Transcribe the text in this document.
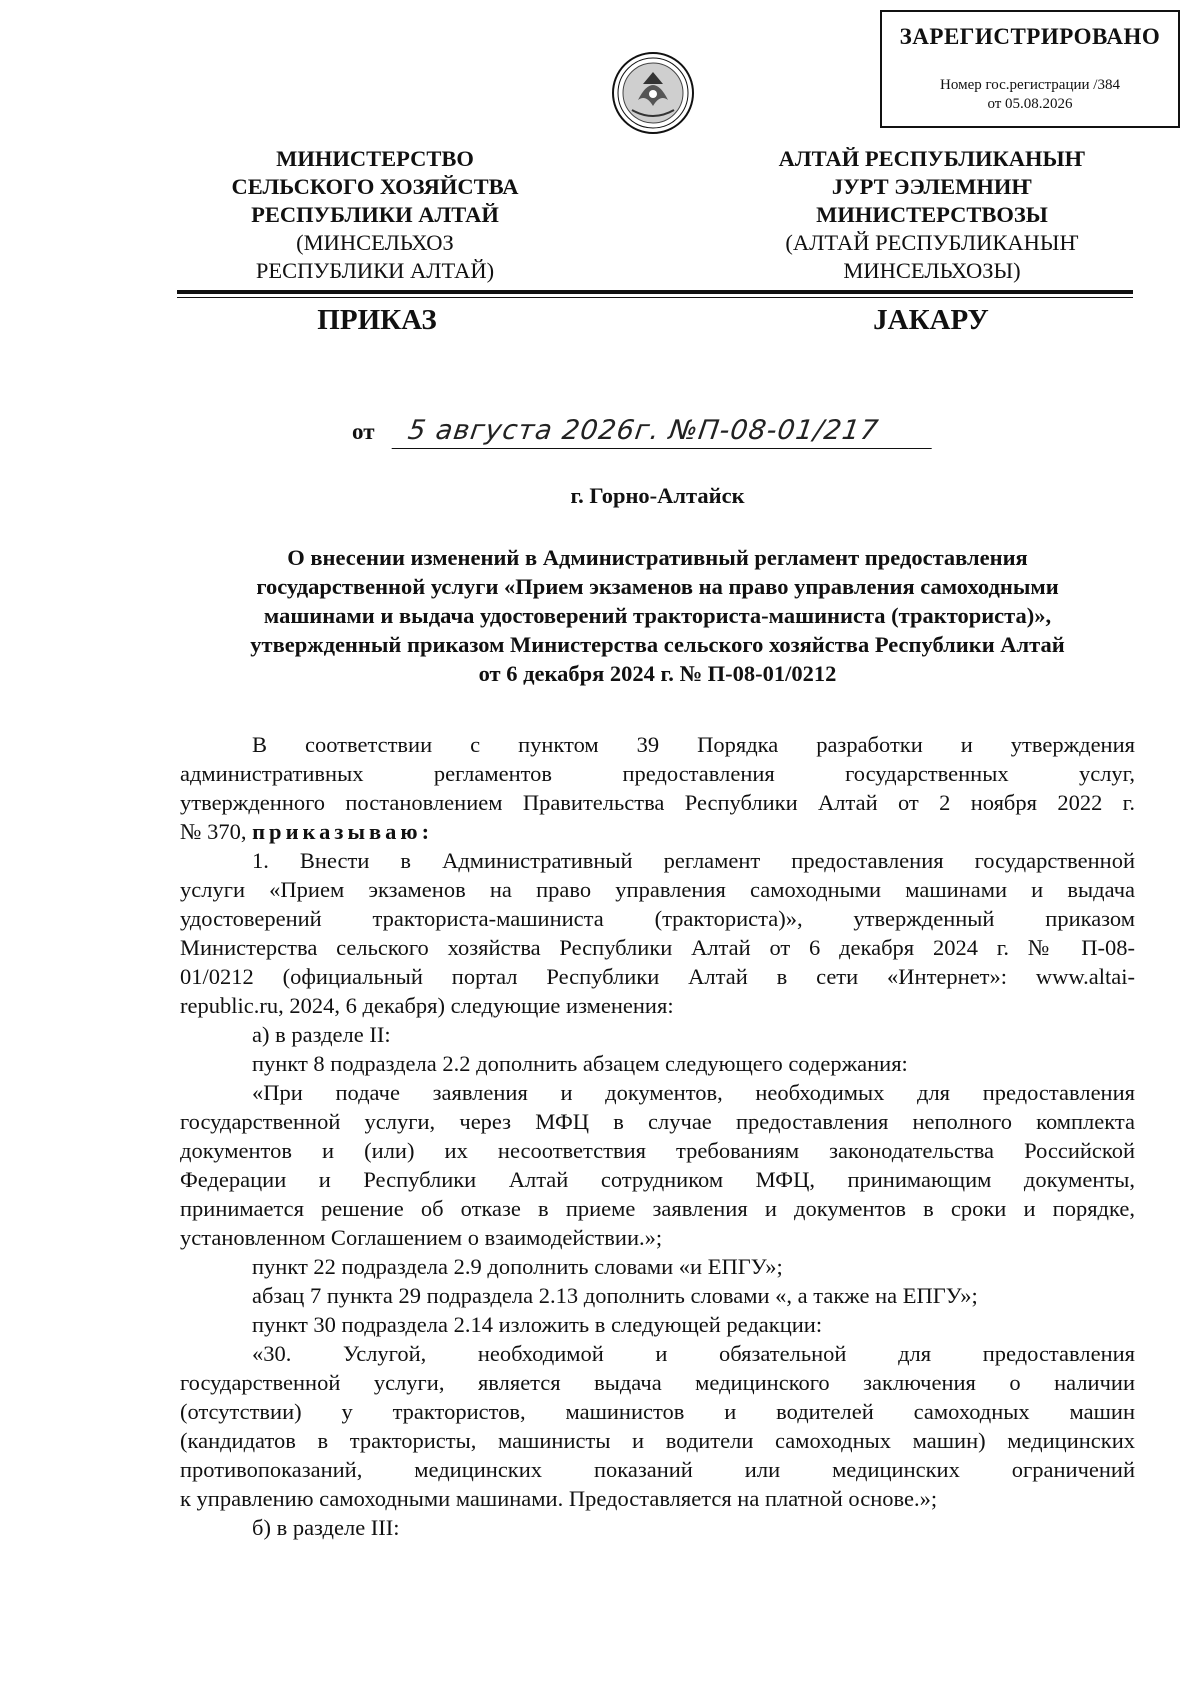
ЗАРЕГИСТРИРОВАНО
Номер гос.регистрации /384
от 05.08.2026
МИНИСТЕРСТВО
СЕЛЬСКОГО ХОЗЯЙСТВА
РЕСПУБЛИКИ АЛТАЙ
(МИНСЕЛЬХОЗ
РЕСПУБЛИКИ АЛТАЙ)
АЛТАЙ РЕСПУБЛИКАНЫҤ
ЈУРТ ЭЭЛЕМНИҤ
МИНИСТЕРСТВОЗЫ
(АЛТАЙ РЕСПУБЛИКАНЫҤ
МИНСЕЛЬХОЗЫ)
ПРИКАЗ	ЈАКАРУ
от	5 августа 2026г. №П-08-01/217
г. Горно-Алтайск
О внесении изменений в Административный регламент предоставления
государственной услуги «Прием экзаменов на право управления самоходными
машинами и выдача удостоверений тракториста-машиниста (тракториста)»,
утвержденный приказом Министерства сельского хозяйства Республики Алтай
от 6 декабря 2024 г. № П-08-01/0212

В соответствии с пунктом 39 Порядка разработки и утверждения

административных регламентов предоставления государственных услуг,

утвержденного постановлением Правительства Республики Алтай от 2 ноября 2022 г.

№ 370, приказываю:

1. Внести в Административный регламент предоставления государственной

услуги «Прием экзаменов на право управления самоходными машинами и выдача

удостоверений тракториста-машиниста (тракториста)», утвержденный приказом

Министерства сельского хозяйства Республики Алтай от 6 декабря 2024 г. № П-08-

01/0212 (официальный портал Республики Алтай в сети «Интернет»: www.altai-

republic.ru, 2024, 6 декабря) следующие изменения:

а) в разделе II:

пункт 8 подраздела 2.2 дополнить абзацем следующего содержания:

«При подаче заявления и документов, необходимых для предоставления

государственной услуги, через МФЦ в случае предоставления неполного комплекта

документов и (или) их несоответствия требованиям законодательства Российской

Федерации и Республики Алтай сотрудником МФЦ, принимающим документы,

принимается решение об отказе в приеме заявления и документов в сроки и порядке,

установленном Соглашением о взаимодействии.»;

пункт 22 подраздела 2.9 дополнить словами «и ЕПГУ»;

абзац 7 пункта 29 подраздела 2.13 дополнить словами «, а также на ЕПГУ»;

пункт 30 подраздела 2.14 изложить в следующей редакции:

«30. Услугой, необходимой и обязательной для предоставления

государственной услуги, является выдача медицинского заключения о наличии

(отсутствии) у трактористов, машинистов и водителей самоходных машин

(кандидатов в трактористы, машинисты и водители самоходных машин) медицинских

противопоказаний, медицинских показаний или медицинских ограничений

к управлению самоходными машинами. Предоставляется на платной основе.»;

б) в разделе III:
